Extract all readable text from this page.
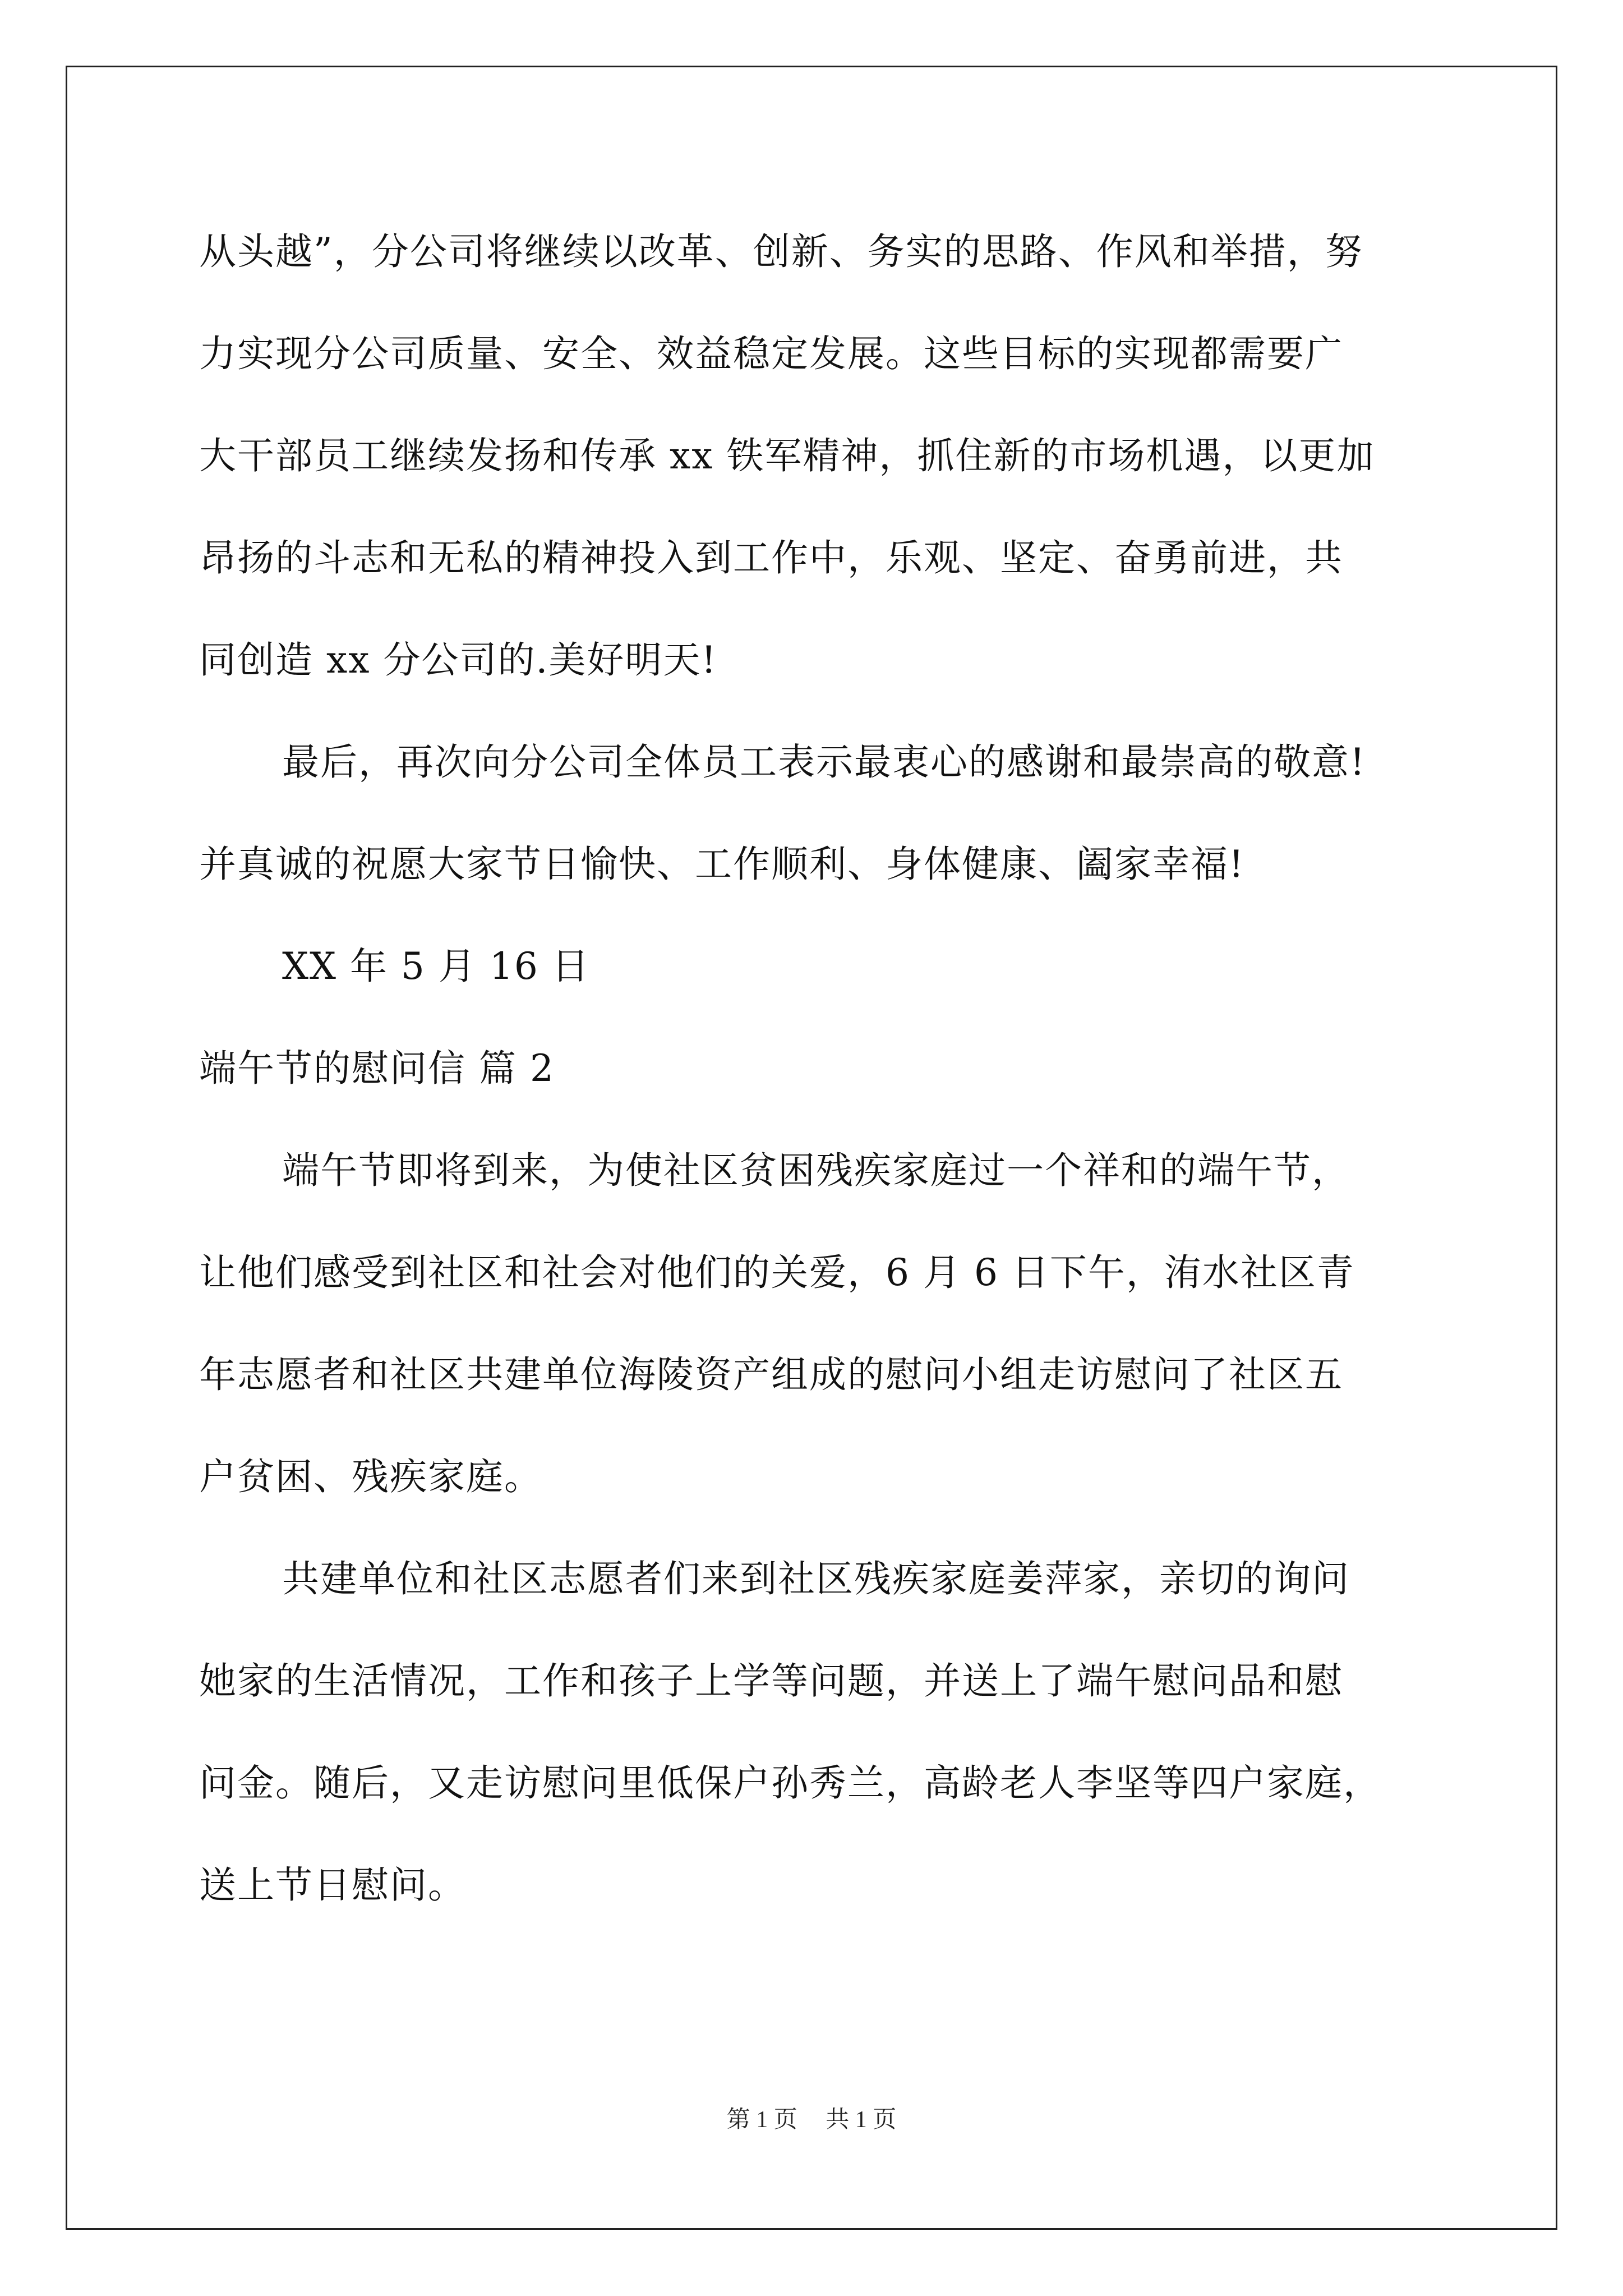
从头越”，分公司将继续以改革、创新、务实的思路、作风和举措，努
力实现分公司质量、安全、效益稳定发展。这些目标的实现都需要广
大干部员工继续发扬和传承 xx 铁军精神，抓住新的市场机遇，以更加
昂扬的斗志和无私的精神投入到工作中，乐观、坚定、奋勇前进，共
同创造 xx 分公司的.美好明天!
最后，再次向分公司全体员工表示最衷心的感谢和最崇高的敬意!
并真诚的祝愿大家节日愉快、工作顺利、身体健康、阖家幸福!
XX 年 5 月 16 日
端午节的慰问信 篇 2
端午节即将到来，为使社区贫困残疾家庭过一个祥和的端午节，
让他们感受到社区和社会对他们的关爱，6 月 6 日下午，洧水社区青
年志愿者和社区共建单位海陵资产组成的慰问小组走访慰问了社区五
户贫困、残疾家庭。
共建单位和社区志愿者们来到社区残疾家庭姜萍家，亲切的询问
她家的生活情况，工作和孩子上学等问题，并送上了端午慰问品和慰
问金。随后，又走访慰问里低保户孙秀兰，高龄老人李坚等四户家庭，
送上节日慰问。
第 1 页 共 1 页
